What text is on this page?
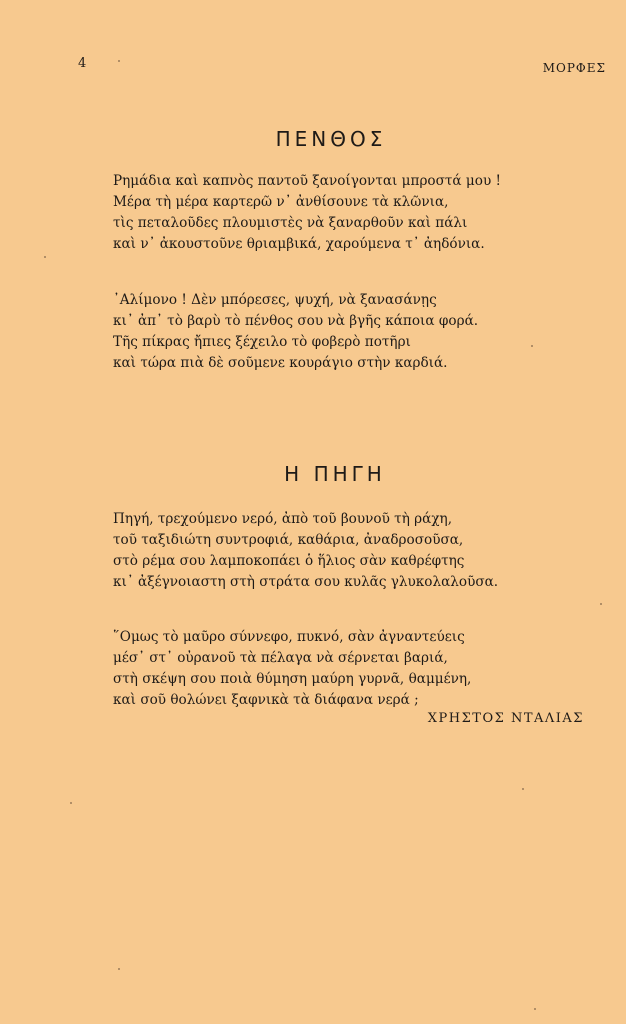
4	ΜΟΡΦΕΣ
ΠΕΝΘΟΣ
Ρημάδια καὶ καπνὸς παντοῦ ξανοίγονται μπροστά μου !
Μέρα τὴ μέρα καρτερῶ ν᾿ ἀνθίσουνε τὰ κλῶνια,
τὶς πεταλοῦδες πλουμιστὲς νὰ ξαναρθοῦν καὶ πάλι
καὶ ν᾿ ἀκουστοῦνε θριαμβικά, χαρούμενα τ᾿ ἀηδόνια.
᾿Αλίμονο ! Δὲν μπόρεσες, ψυχή, νὰ ξανασάνῃς
κι᾿ ἀπ᾿ τὸ βαρὺ τὸ πένθος σου νὰ βγῆς κάποια φορά.
Τῆς πίκρας ἤπιες ξέχειλο τὸ φοβερὸ ποτῆρι
καὶ τώρα πιὰ δὲ σοῦμενε κουράγιο στὴν καρδιά.
Η ΠΗΓΗ
Πηγή, τρεχούμενο νερό, ἀπὸ τοῦ βουνοῦ τὴ ράχη,
τοῦ ταξιδιώτη συντροφιά, καθάρια, ἀναδροσοῦσα,
στὸ ρέμα σου λαμποκοπάει ὁ ἥλιος σὰν καθρέφτης
κι᾿ ἀξέγνοιαστη στὴ στράτα σου κυλᾶς γλυκολαλοῦσα.
῞Ομως τὸ μαῦρο σύννεφο, πυκνό, σὰν ἀγναντεύεις
μέσ᾿ στ᾿ οὐρανοῦ τὰ πέλαγα νὰ σέρνεται βαριά,
στὴ σκέψη σου ποιὰ θύμηση μαύρη γυρνᾶ, θαμμένη,
καὶ σοῦ θολώνει ξαφνικὰ τὰ διάφανα νερά ;
ΧΡΗΣΤΟΣ ΝΤΑΛΙΑΣ
